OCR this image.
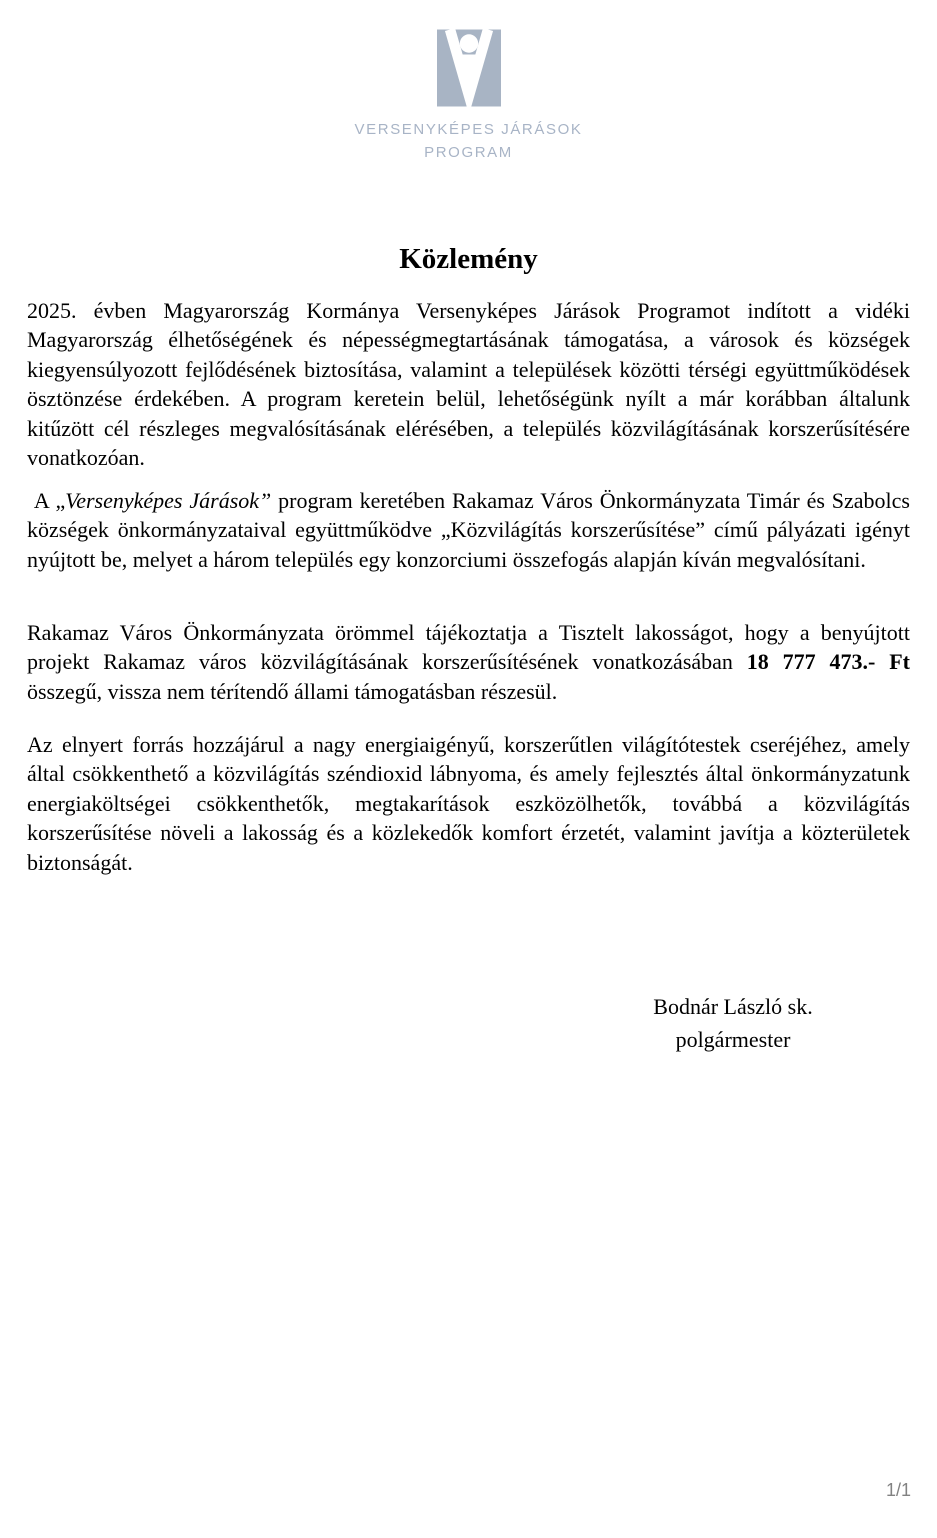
VERSENYKÉPES JÁRÁSOK
PROGRAM
Közlemény

2025. évben Magyarország Kormánya Versenyképes Járások Programot indított a vidéki Magyarország élhetőségének és népességmegtartásának támogatása, a városok és községek kiegyensúlyozott fejlődésének biztosítása, valamint a települések közötti térségi együttműködések ösztönzése érdekében. A program keretein belül, lehetőségünk nyílt a már korábban általunk kitűzött cél részleges megvalósításának elérésében, a település közvilágításának korszerűsítésére vonatkozóan.

A „Versenyképes Járások” program keretében Rakamaz Város Önkormányzata Timár és Szabolcs községek önkormányzataival együttműködve „Közvilágítás korszerűsítése” című pályázati igényt nyújtott be, melyet a három település egy konzorciumi összefogás alapján kíván megvalósítani.

Rakamaz Város Önkormányzata örömmel tájékoztatja a Tisztelt lakosságot, hogy a benyújtott projekt Rakamaz város közvilágításának korszerűsítésének vonatkozásában 18 777 473.- Ft összegű, vissza nem térítendő állami támogatásban részesül.

Az elnyert forrás hozzájárul a nagy energiaigényű, korszerűtlen világítótestek cseréjéhez, amely által csökkenthető a közvilágítás széndioxid lábnyoma, és amely fejlesztés által önkormányzatunk energiaköltségei csökkenthetők, megtakarítások eszközölhetők, továbbá a közvilágítás korszerűsítése növeli a lakosság és a közlekedők komfort érzetét, valamint javítja a közterületek biztonságát.

Bodnár László sk.
polgármester
1/1
